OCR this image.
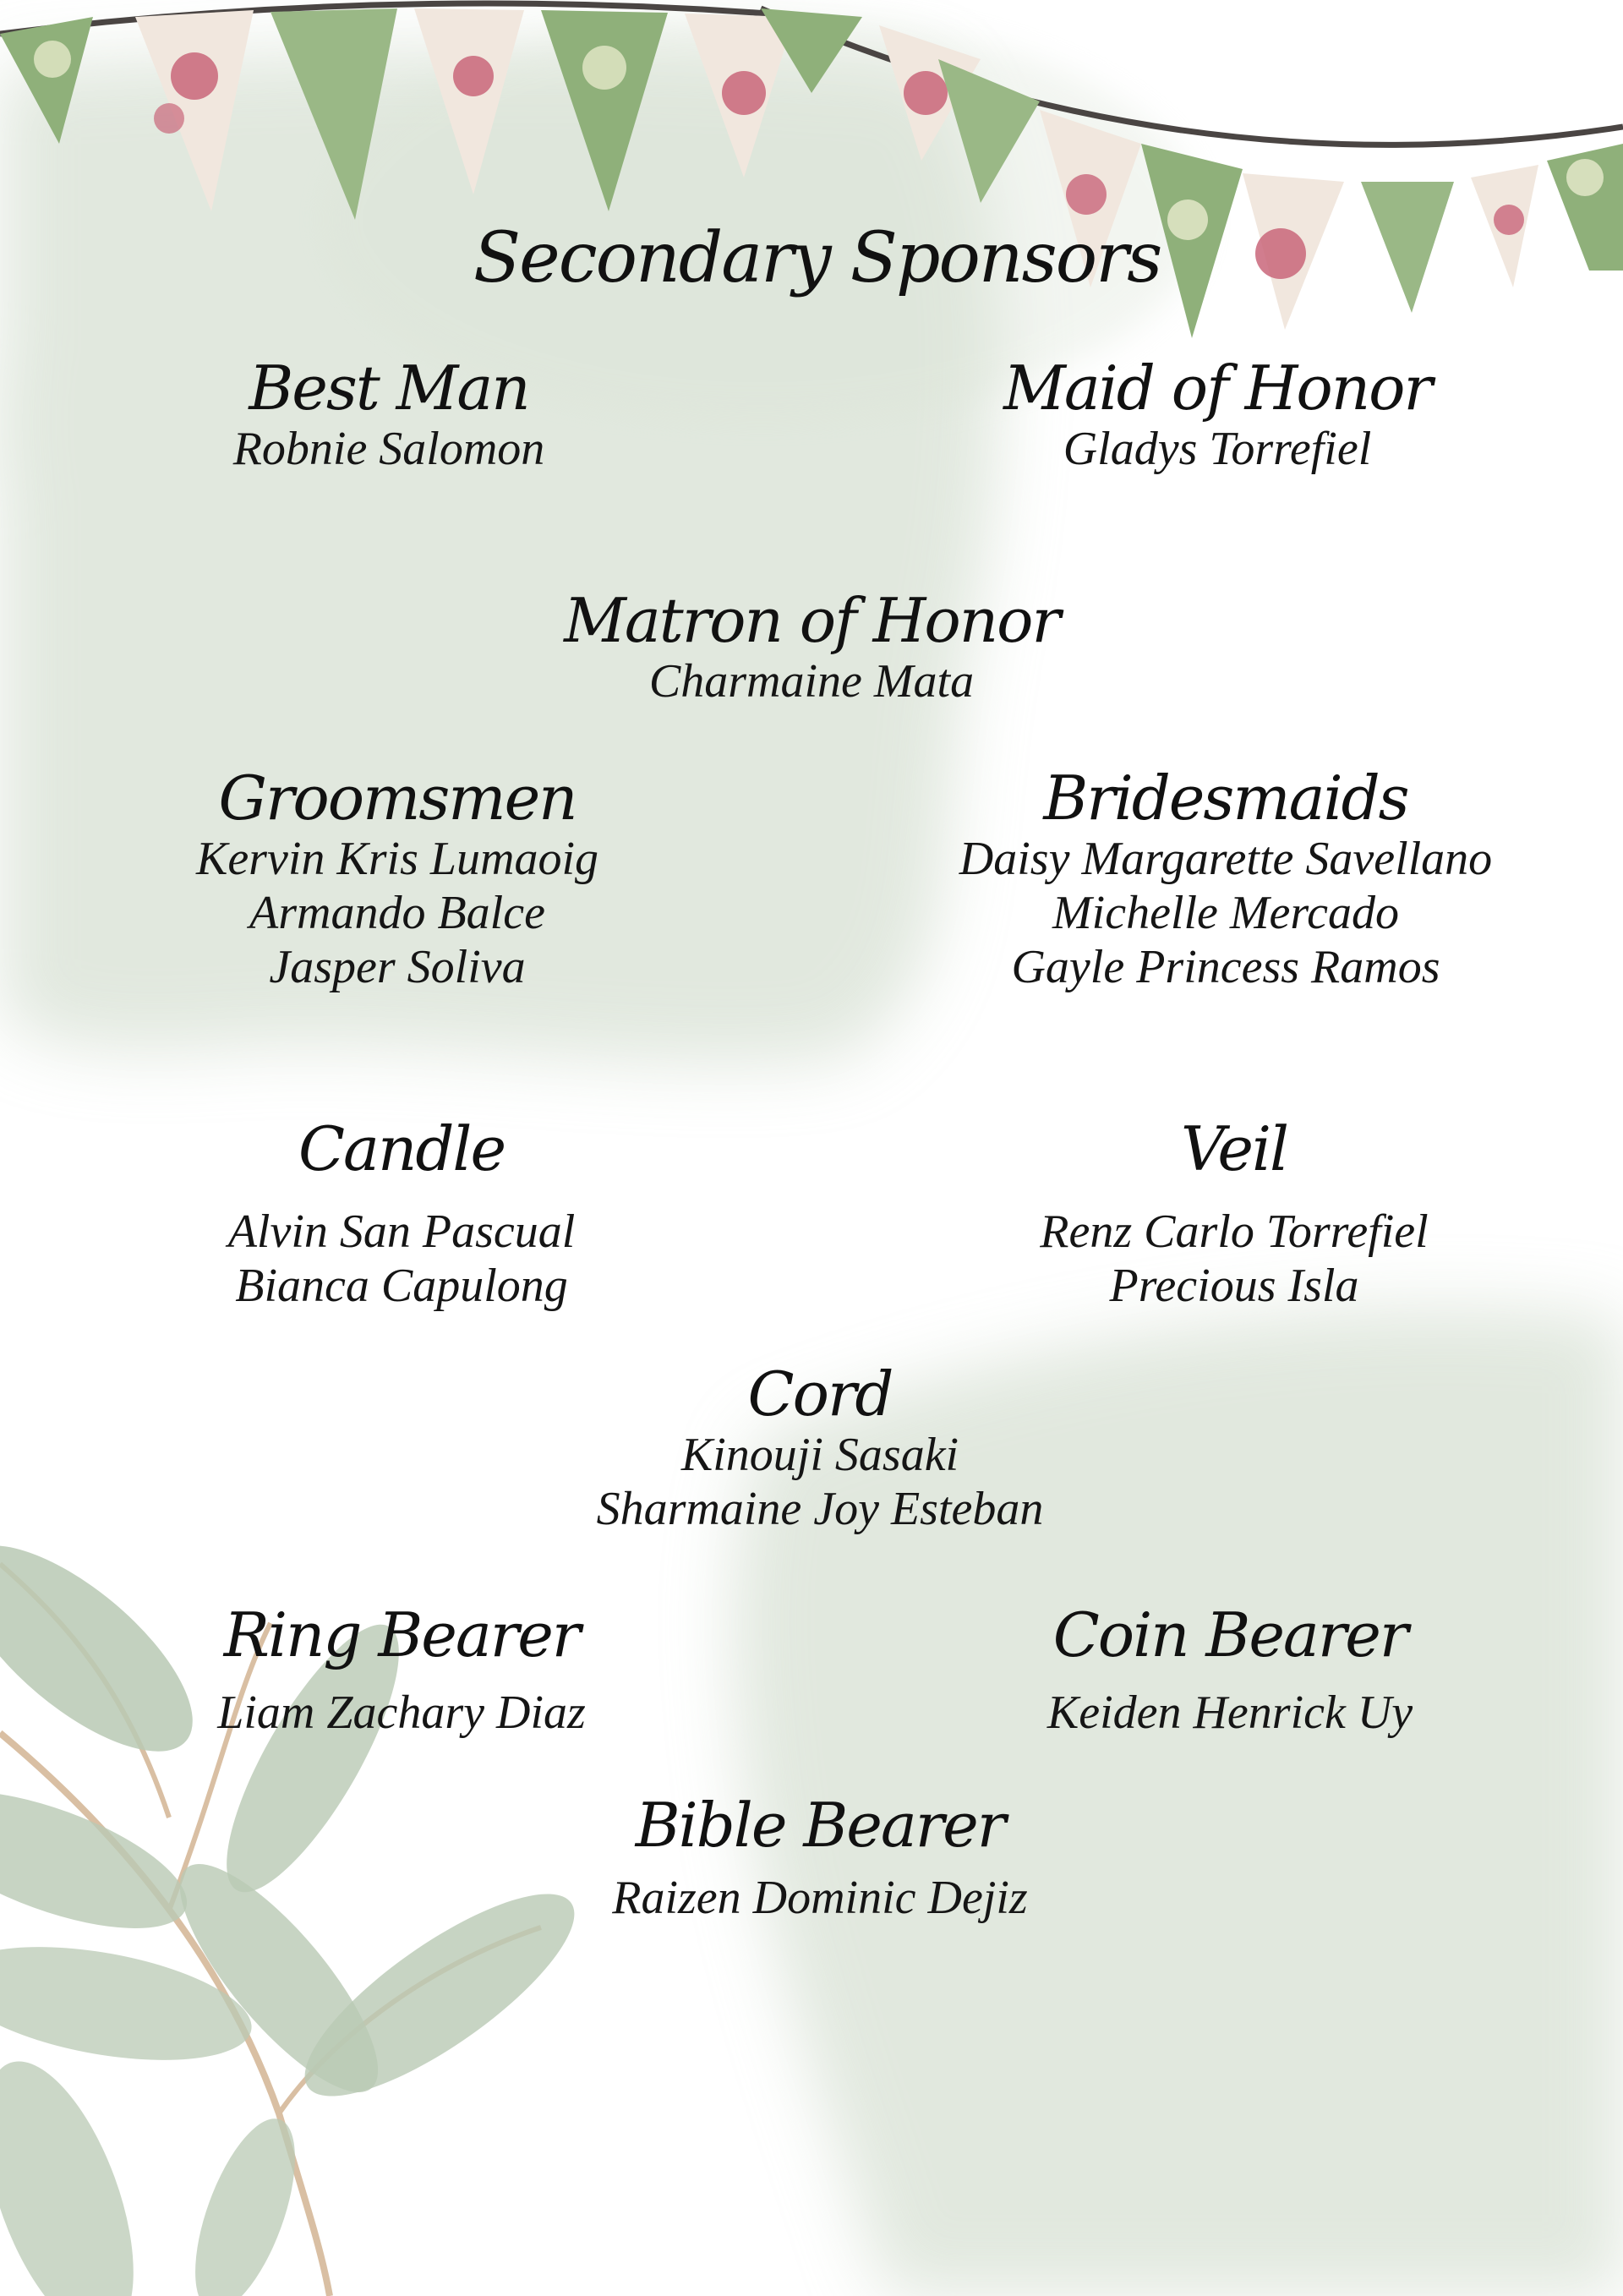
Secondary Sponsors
Best Man
Robnie Salomon
Maid of Honor
Gladys Torrefiel
Matron of Honor
Charmaine Mata
Groomsmen
Kervin Kris Lumaoig
Armando Balce
Jasper Soliva
Bridesmaids
Daisy Margarette Savellano
Michelle Mercado
Gayle Princess Ramos
Candle
Alvin San Pascual
Bianca Capulong
Veil
Renz Carlo Torrefiel
Precious Isla
Cord
Kinouji Sasaki
Sharmaine Joy Esteban
Ring Bearer
Liam Zachary Diaz
Coin Bearer
Keiden Henrick Uy
Bible Bearer
Raizen Dominic Dejiz
